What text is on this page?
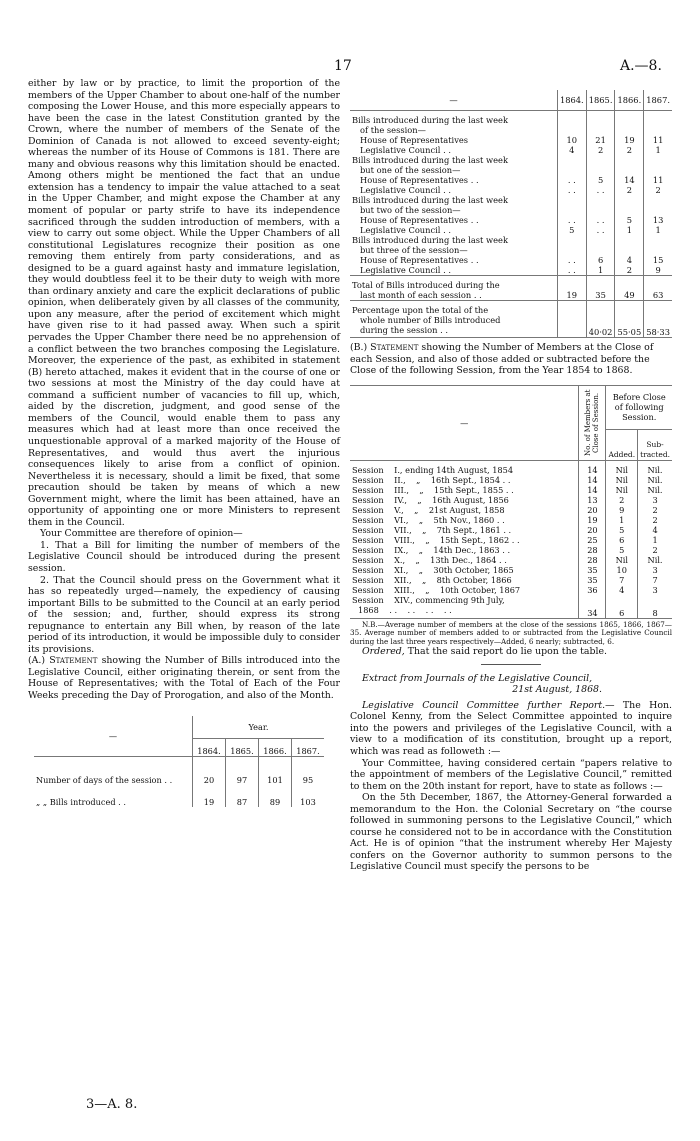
17	A.—8.

either by law or by practice, to limit the proportion of the members of the Upper Chamber to about one-half of the number composing the Lower House, and this more especially appears to have been the case in the latest Constitution granted by the Crown, where the number of members of the Senate of the Dominion of Canada is not allowed to exceed seventy-eight; whereas the number of its House of Commons is 181. There are many and obvious reasons why this limitation should be enacted. Among others might be mentioned the fact that an undue extension has a tendency to impair the value attached to a seat in the Upper Chamber, and might expose the Chamber at any moment of popular or party strife to have its independence sacrificed through the sudden introduction of members, with a view to carry out some object. While the Upper Chambers of all constitutional Legislatures recognize their position as one removing them entirely from party considerations, and as designed to be a guard against hasty and immature legislation, they would doubtless feel it to be their duty to weigh with more than ordinary anxiety and care the explicit declarations of public opinion, when deliberately given by all classes of the community, upon any measure, after the period of excitement which might have given rise to it had passed away. When such a spirit pervades the Upper Chamber there need be no apprehension of a conflict between the two branches composing the Legislature. Moreover, the experience of the past, as exhibited in statement (B) hereto attached, makes it evident that in the course of one or two sessions at most the Ministry of the day could have at command a sufficient number of vacancies to fill up, which, aided by the discretion, judgment, and good sense of the members of the Council, would enable them to pass any measures which had at least more than once received the unquestionable approval of a marked majority of the House of Representatives, and would thus avert the injurious consequences likely to arise from a conflict of opinion. Nevertheless it is necessary, should a limit be fixed, that some precaution should be taken by means of which a new Government might, where the limit has been attained, have an opportunity of appointing one or more Ministers to represent them in the Council.

Your Committee are therefore of opinion—

1. That a Bill for limiting the number of members of the Legislative Council should be introduced during the present session.

2. That the Council should press on the Government what it has so repeatedly urged—namely, the expediency of causing important Bills to be submitted to the Council at an early period of the session; and, further, should express its strong repugnance to entertain any Bill when, by reason of the late period of its introduction, it would be impossible duly to consider its provisions.

(A.) Statement showing the Number of Bills introduced into the Legislative Council, either originating therein, or sent from the House of Representatives; with the Total of Each of the Four Weeks preceding the Day of Prorogation, and also of the Month.

—	Year.			
	1864.	1865.	1866.	1867.
Number of days of the session . .	20	97	101	95
„ „ Bills introduced . .	19	87	89	103
—	1864.	1865.	1866.	1867.
Bills introduced during the last week				
of the session—				
House of Representatives	10	21	19	11
Legislative Council . .	4	2	2	1
Bills introduced during the last week				
but one of the session—				
House of Representatives . .	. .	5	14	11
Legislative Council . .	. .	. .	2	2
Bills introduced during the last week				
but two of the session—				
House of Representatives . .	. .	. .	5	13
Legislative Council . .	5	. .	1	1
Bills introduced during the last week				
but three of the session—				
House of Representatives . .	. .	6	4	15
Legislative Council . .	. .	1	2	9
Total of Bills introduced during the
last month of each session . .	19	35	49	63
Percentage upon the total of the
whole number of Bills introduced
during the session . .		40·02	55·05	58·33

(B.) Statement showing the Number of Members at the Close of each Session, and also of those added or subtracted before the Close of the following Session, from the Year 1854 to 1868.

—	No. of Members at Close of Session.	Before Close of following Session.	
		Added.	Sub-tracted.
Session    I., ending 14th August, 1854	14	Nil	Nil.
Session    II.,    „    16th Sept., 1854 . .	14	Nil	Nil.
Session    III.,    „    15th Sept., 1855 . .	14	Nil	Nil.
Session    IV.,    „    16th August, 1856	13	2	3
Session    V.,    „    21st August, 1858	20	9	2
Session    VI.,    „    5th Nov., 1860 . .	19	1	2
Session    VII.,    „    7th Sept., 1861 . .	20	5	4
Session    VIII.,    „    15th Sept., 1862 . .	25	6	1
Session    IX.,    „    14th Dec., 1863 . .	28	5	2
Session    X.,    „    13th Dec., 1864 . .	28	Nil	Nil.
Session    XI.,    „    30th October, 1865	35	10	3
Session    XII.,    „    8th October, 1866	35	7	7
Session    XIII.,    „    10th October, 1867	36	4	3
Session    XIV., commencing 9th July,			
1868    . .    . .    . .    . .	34	6	8

N.B.—Average number of members at the close of the sessions 1865, 1866, 1867—35. Average number of members added to or subtracted from the Legislative Council during the last three years respectively—Added, 6 nearly; subtracted, 6.

Ordered, That the said report do lie upon the table.

Extract from Journals of the Legislative Council,

21st August, 1868.

Legislative Council Committee further Report.— The Hon. Colonel Kenny, from the Select Committee appointed to inquire into the powers and privileges of the Legislative Council, with a view to a modification of its constitution, brought up a report, which was read as followeth :—

Your Committee, having considered certain “papers relative to the appointment of members of the Legislative Council,” remitted to them on the 20th instant for report, have to state as follows :—

On the 5th December, 1867, the Attorney-General forwarded a memorandum to the Hon. the Colonial Secretary on “the course followed in summoning persons to the Legislative Council,” which course he considered not to be in accordance with the Constitution Act. He is of opinion “that the instrument whereby Her Majesty confers on the Governor authority to summon persons to the Legislative Council must specify the persons to be

3—A. 8.
